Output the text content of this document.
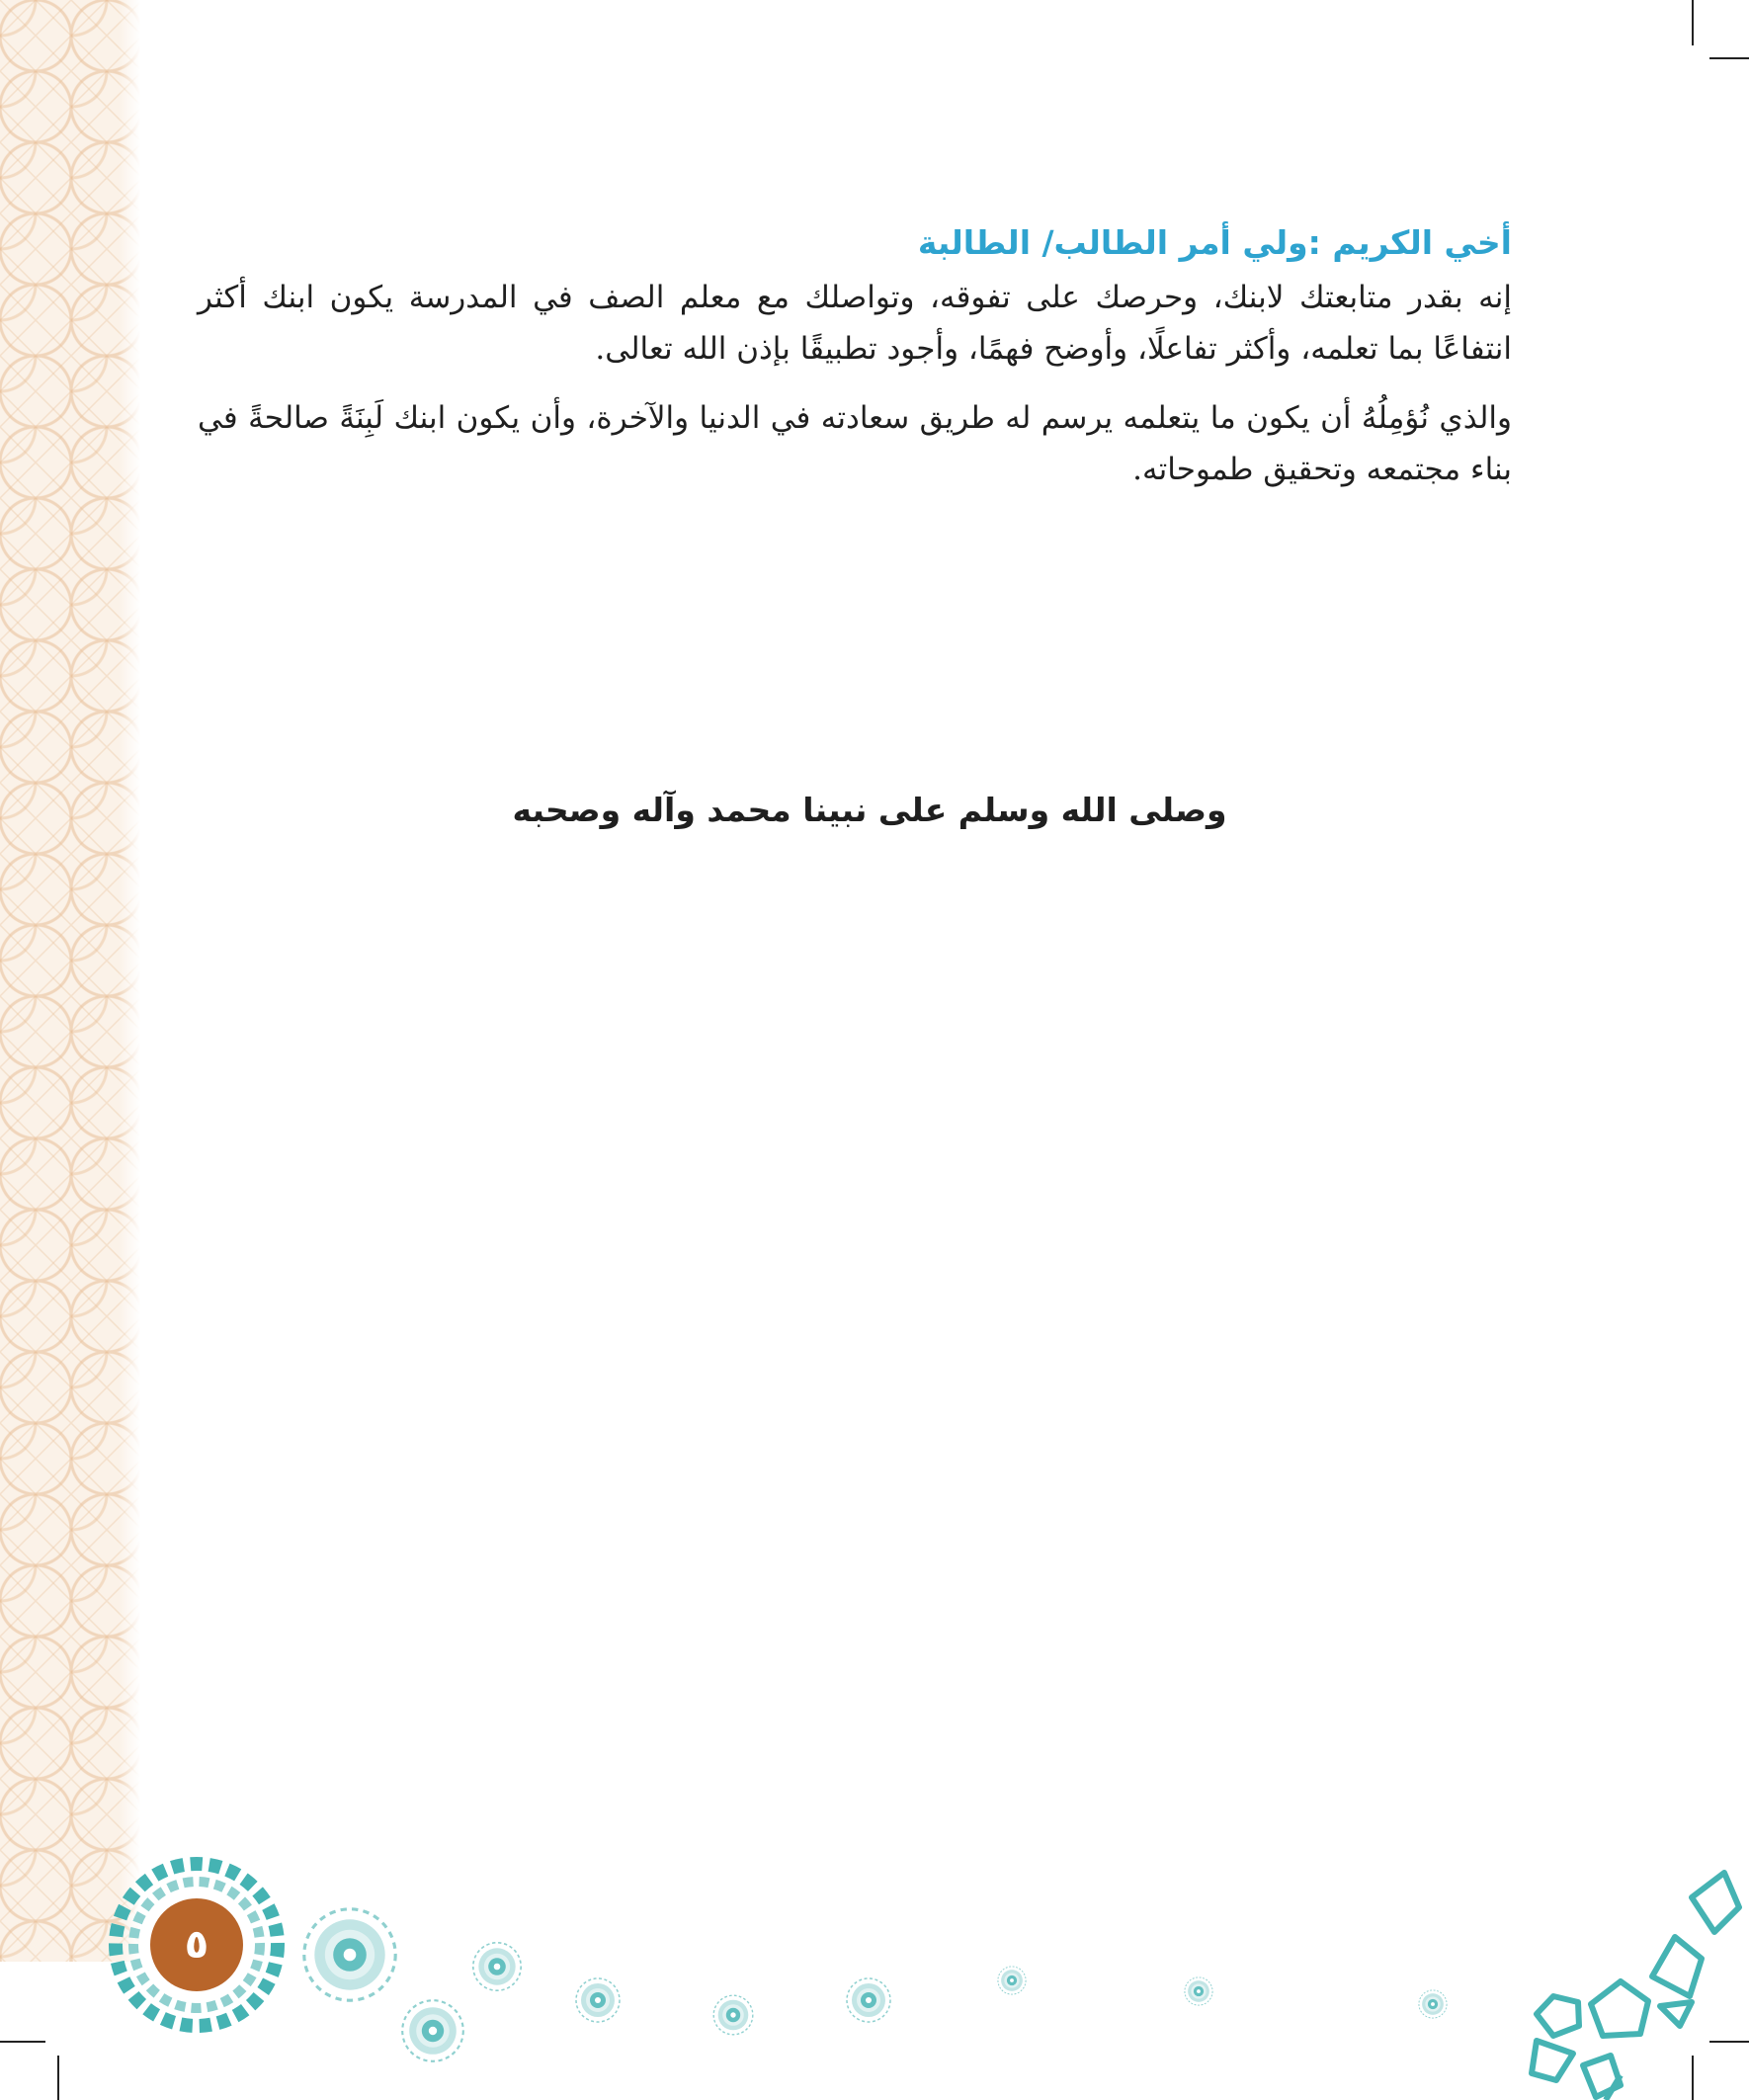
أخي الكريم :ولي أمر الطالب/ الطالبة

إنه بقدر متابعتك لابنك، وحرصك على تفوقه، وتواصلك مع معلم الصف في المدرسة يكون ابنك أكثر انتفاعًا بما تعلمه، وأكثر تفاعلًا، وأوضح فهمًا، وأجود تطبيقًا بإذن الله تعالى.

والذي نُؤمِلُهُ أن يكون ما يتعلمه يرسم له طريق سعادته في الدنيا والآخرة، وأن يكون ابنك لَبِنَةً صالحةً في بناء مجتمعه وتحقيق طموحاته.

وصلى الله وسلم على نبينا محمد وآله وصحبه
٥
